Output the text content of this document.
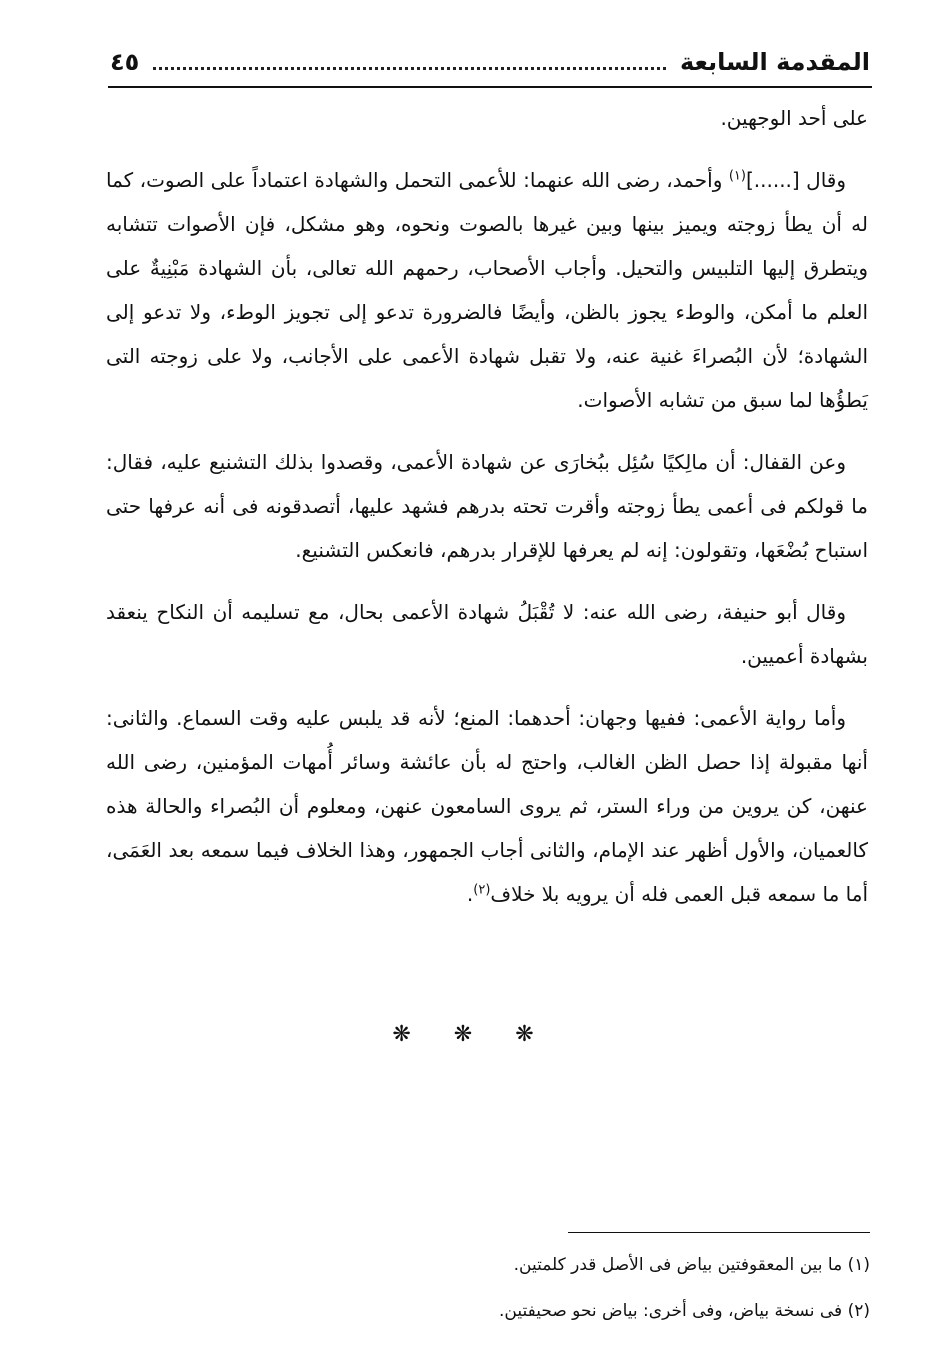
المقدمة السابعة
٤٥

على أحد الوجهين.

وقال [......]$^{(١)}$ وأحمد، رضى الله عنهما: للأعمى التحمل والشهادة اعتماداً على الصوت، كما له أن يطأ زوجته ويميز بينها وبين غيرها بالصوت ونحوه، وهو مشكل، فإن الأصوات تتشابه ويتطرق إليها التلبيس والتحيل. وأجاب الأصحاب، رحمهم الله تعالى، بأن الشهادة مَبْنِيةٌ على العلم ما أمكن، والوطء يجوز بالظن، وأيضًا فالضرورة تدعو إلى تجويز الوطء، ولا تدعو إلى الشهادة؛ لأن البُصراءَ غنية عنه، ولا تقبل شهادة الأعمى على الأجانب، ولا على زوجته التى يَطؤُها لما سبق من تشابه الأصوات.

وعن القفال: أن مالِكيًا سُئِل ببُخارَى عن شهادة الأعمى، وقصدوا بذلك التشنيع عليه، فقال: ما قولكم فى أعمى يطأ زوجته وأقرت تحته بدرهم فشهد عليها، أتصدقونه فى أنه عرفها حتى استباح بُضْعَها، وتقولون: إنه لم يعرفها للإقرار بدرهم، فانعكس التشنيع.

وقال أبو حنيفة، رضى الله عنه: لا تُقْبَلُ شهادة الأعمى بحال، مع تسليمه أن النكاح ينعقد بشهادة أعميين.

وأما رواية الأعمى: ففيها وجهان: أحدهما: المنع؛ لأنه قد يلبس عليه وقت السماع. والثانى: أنها مقبولة إذا حصل الظن الغالب، واحتج له بأن عائشة وسائر أُمهات المؤمنين، رضى الله عنهن، كن يروين من وراء الستر، ثم يروى السامعون عنهن، ومعلوم أن البُصراء والحالة هذه كالعميان، والأول أظهر عند الإمام، والثانى أجاب الجمهور، وهذا الخلاف فيما سمعه بعد العَمَى، أما ما سمعه قبل العمى فله أن يرويه بلا خلاف$^{(٢)}$.

❋ ❋ ❋

(١) ما بين المعقوفتين بياض فى الأصل قدر كلمتين.

(٢) فى نسخة بياض، وفى أخرى: بياض نحو صحيفتين.
